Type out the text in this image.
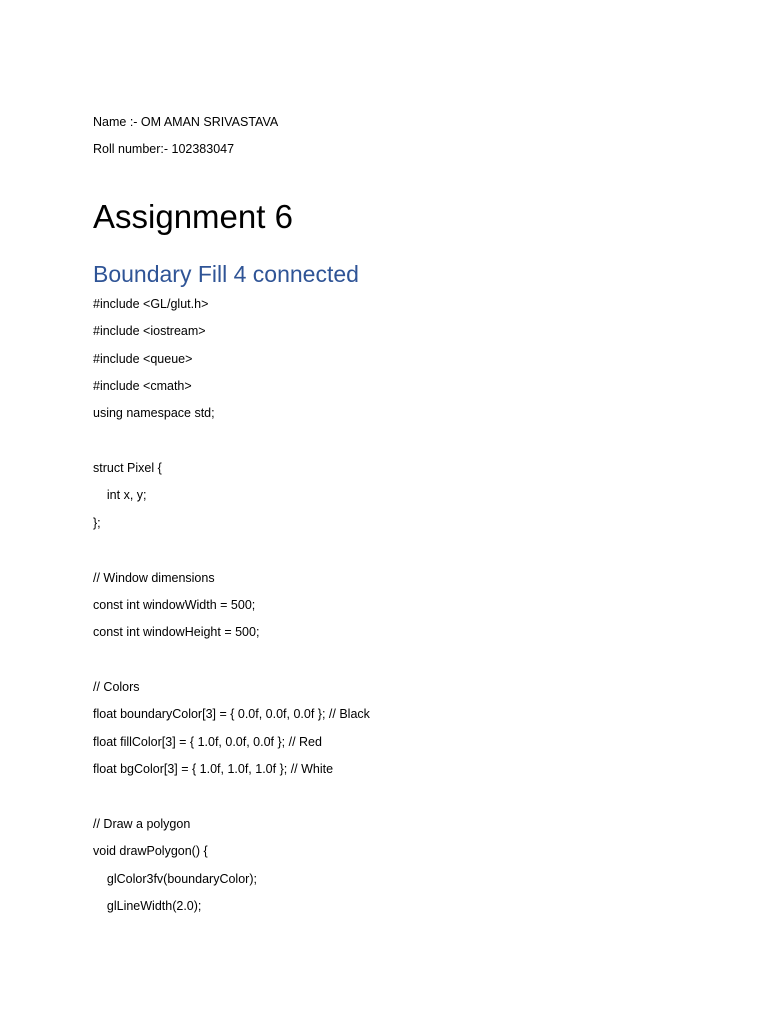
Name :- OM AMAN SRIVASTAVA

Roll number:- 102383047

Assignment 6
Boundary Fill 4 connected

#include <GL/glut.h>

#include <iostream>

#include <queue>

#include <cmath>

using namespace std;

struct Pixel {

int x, y;

};

// Window dimensions

const int windowWidth = 500;

const int windowHeight = 500;

// Colors

float boundaryColor[3] = { 0.0f, 0.0f, 0.0f }; // Black

float fillColor[3] = { 1.0f, 0.0f, 0.0f }; // Red

float bgColor[3] = { 1.0f, 1.0f, 1.0f }; // White

// Draw a polygon

void drawPolygon() {

glColor3fv(boundaryColor);

glLineWidth(2.0);
